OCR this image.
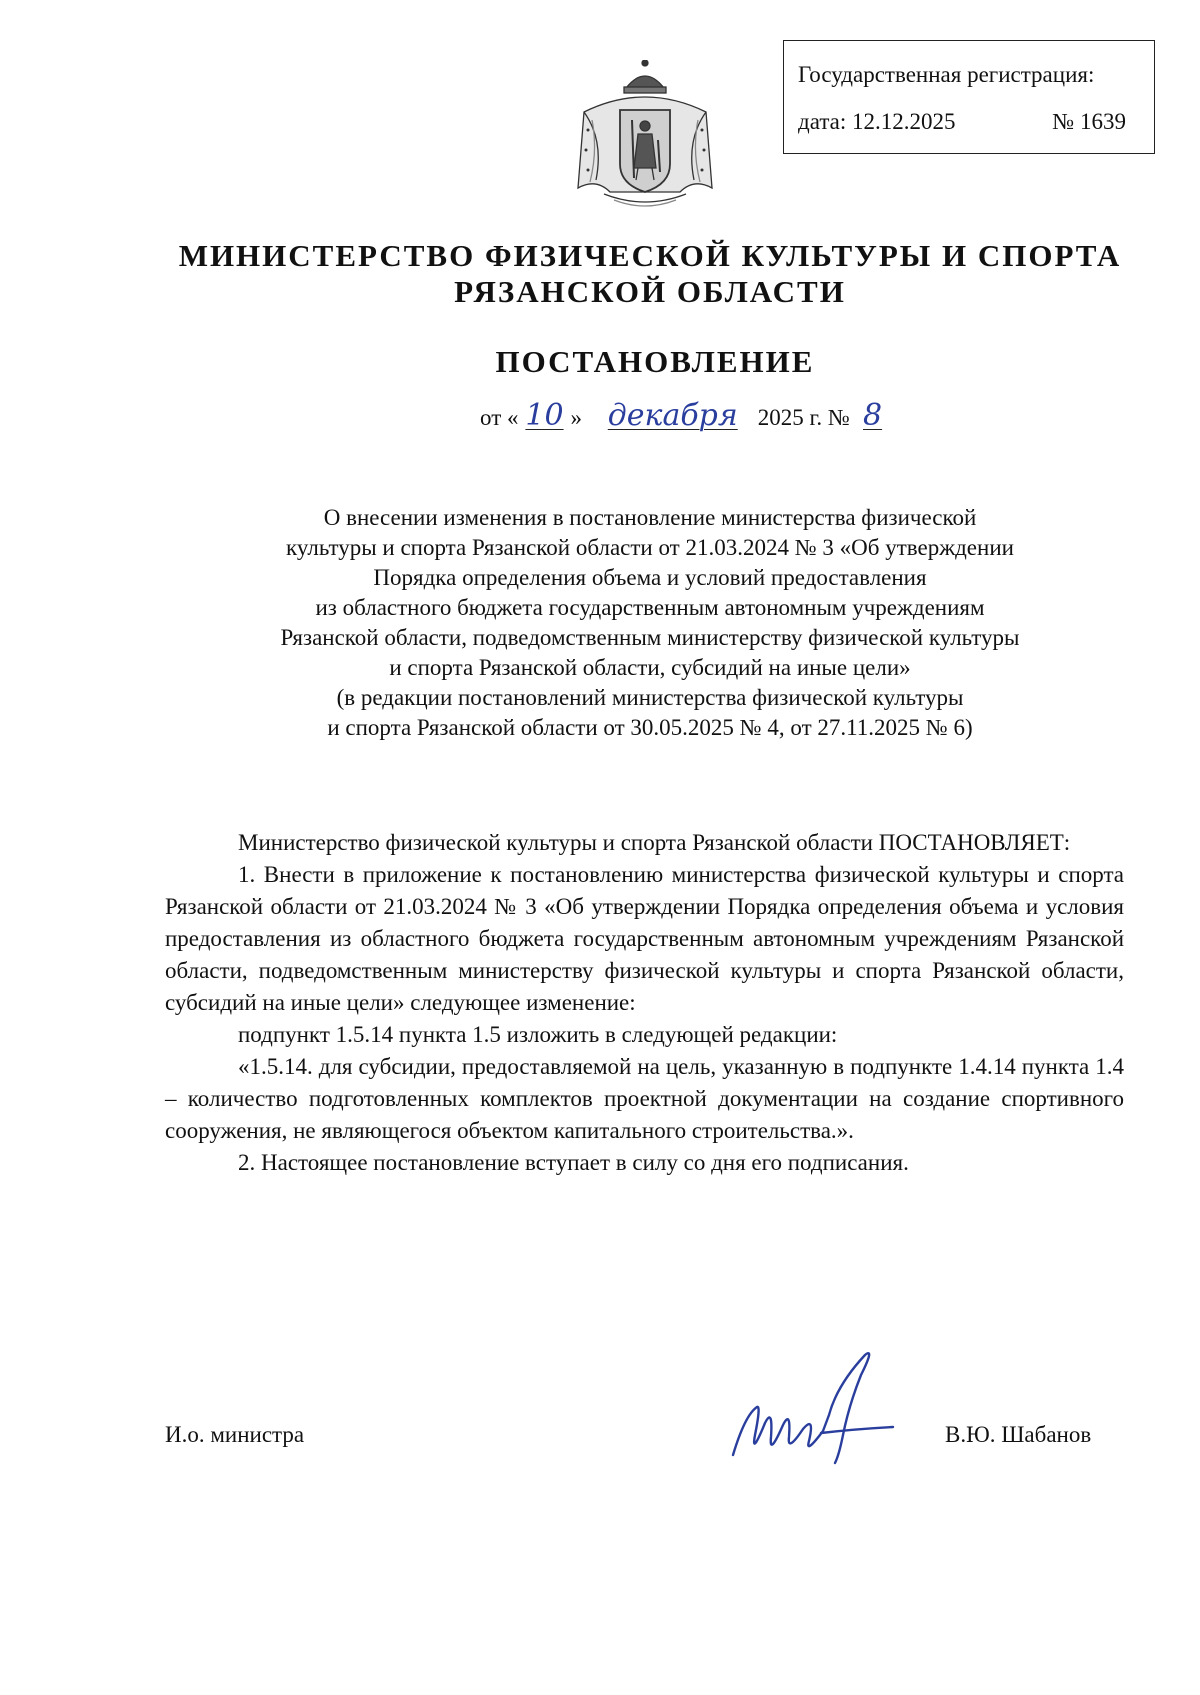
Государственная регистрация:
дата: 12.12.2025	№ 1639
МИНИСТЕРСТВО ФИЗИЧЕСКОЙ КУЛЬТУРЫ И СПОРТА
РЯЗАНСКОЙ ОБЛАСТИ
ПОСТАНОВЛЕНИЕ
от « 10 » декабря 2025 г. № 8
О внесении изменения в постановление министерства физической
культуры и спорта Рязанской области от 21.03.2024 № 3 «Об утверждении
Порядка определения объема и условий предоставления
из областного бюджета государственным автономным учреждениям
Рязанской области, подведомственным министерству физической культуры
и спорта Рязанской области, субсидий на иные цели»
(в редакции постановлений министерства физической культуры
и спорта Рязанской области от 30.05.2025 № 4, от 27.11.2025 № 6)

Министерство физической культуры и спорта Рязанской области ПОСТАНОВЛЯЕТ:

1. Внести в приложение к постановлению министерства физической культуры и спорта Рязанской области от 21.03.2024 № 3 «Об утверждении Порядка определения объема и условия предоставления из областного бюджета государственным автономным учреждениям Рязанской области, подведомственным министерству физической культуры и спорта Рязанской области, субсидий на иные цели» следующее изменение:

подпункт 1.5.14 пункта 1.5 изложить в следующей редакции:

«1.5.14. для субсидии, предоставляемой на цель, указанную в подпункте 1.4.14 пункта 1.4 – количество подготовленных комплектов проектной документации на создание спортивного сооружения, не являющегося объектом капитального строительства.».

2. Настоящее постановление вступает в силу со дня его подписания.

И.о. министра	В.Ю. Шабанов
